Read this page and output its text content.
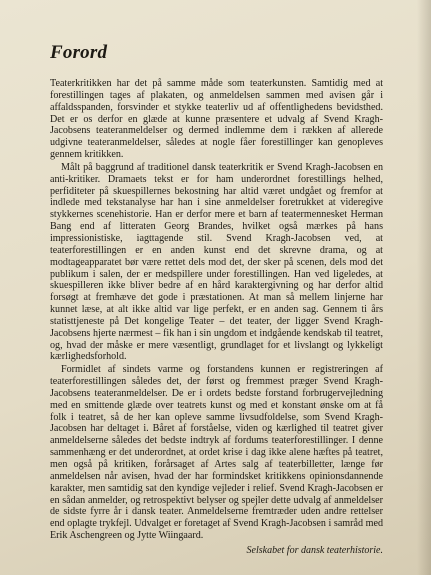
Forord

Teaterkritikken har det på samme måde som teaterkunsten. Samtidig med at forestillingen tages af plakaten, og anmeldelsen sammen med avisen går i affaldsspanden, forsvinder et stykke teaterliv ud af offentlighedens bevidsthed. Det er os derfor en glæde at kunne præsentere et udvalg af Svend Kragh-Jacobsens teateranmeldelser og dermed indlemme dem i rækken af allerede udgivne teateranmeldelser, således at nogle fåer forestillinger kan genopleves gennem kritikken.

Målt på baggrund af traditionel dansk teaterkritik er Svend Kragh-Jacobsen en anti-kritiker. Dramaets tekst er for ham underordnet forestillings helhed, perfiditeter på skuespillernes bekostning har altid været undgået og fremfor at indlede med tekstanalyse har han i sine anmeldelser foretrukket at videregive stykkernes scenehistorie. Han er derfor mere et barn af teatermennesket Herman Bang end af litteraten Georg Brandes, hvilket også mærkes på hans impressionistiske, iagttagende stil. Svend Kragh-Jacobsen ved, at teaterforestillingen er en anden kunst end det skrevne drama, og at modtageapparatet bør være rettet dels mod det, der sker på scenen, dels mod det publikum i salen, der er medspillere under forestillingen. Han ved ligeledes, at skuespilleren ikke bliver bedre af en hård karaktergivning og har derfor altid forsøgt at fremhæve det gode i præstationen. At man så mellem linjerne har kunnet læse, at alt ikke altid var lige perfekt, er en anden sag. Gennem ti års statisttjeneste på Det kongelige Teater – det teater, der ligger Svend Kragh-Jacobsens hjerte nærmest – fik han i sin ungdom et indgående kendskab til teatret, og, hvad der måske er mere væsentligt, grundlaget for et livslangt og lykkeligt kærlighedsforhold.

Formidlet af sindets varme og forstandens kunnen er registreringen af teaterforestillingen således det, der først og fremmest præger Svend Kragh-Jacobsens teateranmeldelser. De er i ordets bedste forstand forbrugervejledning med en smittende glæde over teatrets kunst og med et konstant ønske om at få folk i teatret, så de her kan opleve samme livsudfoldelse, som Svend Kragh-Jacobsen har deltaget i. Båret af forståelse, viden og kærlighed til teatret giver anmeldelserne således det bedste indtryk af fordums teaterforestillinger. I denne sammenhæng er det underordnet, at ordet krise i dag ikke alene hæftes på teatret, men også på kritiken, forårsaget af Artes salg af teaterbilletter, længe før anmeldelsen når avisen, hvad der har formindsket kritikkens opinionsdannende karakter, men samtidig sat den kyndige vejleder i relief. Svend Kragh-Jacobsen er en sådan anmelder, og retrospektivt belyser og spejler dette udvalg af anmeldelser de sidste fyrre år i dansk teater. Anmeldelserne fremtræder uden andre rettelser end oplagte trykfejl. Udvalget er foretaget af Svend Kragh-Jacobsen i samråd med Erik Aschengreen og Jytte Wiingaard.

Selskabet for dansk teaterhistorie.
